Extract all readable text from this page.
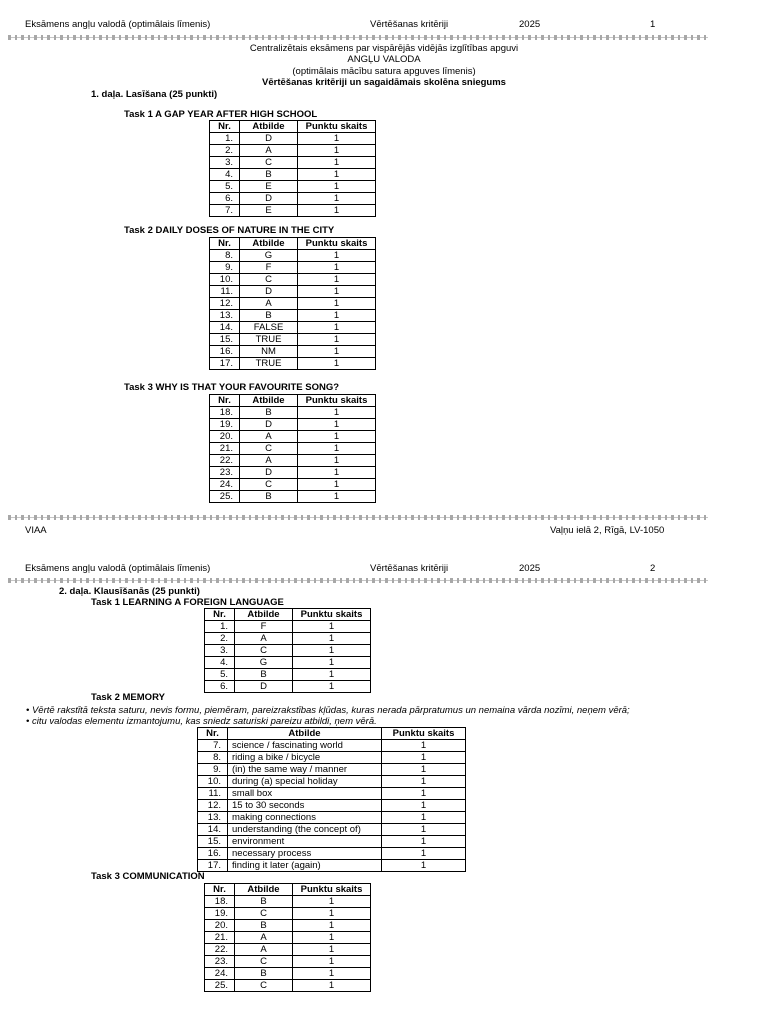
Eksāmens angļu valodā (optimālais līmenis)	Vērtēšanas kritēriji	2025	1
Centralizētais eksāmens par vispārējās vidējās izglītības apguvi
ANGĻU VALODA
(optimālais mācību satura apguves līmenis)
Vērtēšanas kritēriji un sagaidāmais skolēna sniegums
1. daļa. Lasīšana (25 punkti)
Task 1 A GAP YEAR AFTER HIGH SCHOOL
Nr.	Atbilde	Punktu skaits
1.	D	1
2.	A	1
3.	C	1
4.	B	1
5.	E	1
6.	D	1
7.	E	1
Task 2 DAILY DOSES OF NATURE IN THE CITY
Nr.	Atbilde	Punktu skaits
8.	G	1
9.	F	1
10.	C	1
11.	D	1
12.	A	1
13.	B	1
14.	FALSE	1
15.	TRUE	1
16.	NM	1
17.	TRUE	1
Task 3 WHY IS THAT YOUR FAVOURITE SONG?
Nr.	Atbilde	Punktu skaits
18.	B	1
19.	D	1
20.	A	1
21.	C	1
22.	A	1
23.	D	1
24.	C	1
25.	B	1
VIAA	Vaļņu ielā 2, Rīgā, LV-1050
Eksāmens angļu valodā (optimālais līmenis)	Vērtēšanas kritēriji	2025	2
2. daļa. Klausīšanās (25 punkti)
Task 1 LEARNING A FOREIGN LANGUAGE
Nr.	Atbilde	Punktu skaits
1.	F	1
2.	A	1
3.	C	1
4.	G	1
5.	B	1
6.	D	1
Task 2 MEMORY
• Vērtē rakstītā teksta saturu, nevis formu, piemēram, pareizrakstības kļūdas, kuras nerada pārpratumus un nemaina vārda nozīmi, neņem vērā;
• citu valodas elementu izmantojumu, kas sniedz saturiski pareizu atbildi, ņem vērā.
Nr.	Atbilde	Punktu skaits
7.	science / fascinating world	1
8.	riding a bike / bicycle	1
9.	(in) the same way / manner	1
10.	during (a) special holiday	1
11.	small box	1
12.	15 to 30 seconds	1
13.	making connections	1
14.	understanding (the concept of)	1
15.	environment	1
16.	necessary process	1
17.	finding it later (again)	1
Task 3 COMMUNICATION
Nr.	Atbilde	Punktu skaits
18.	B	1
19.	C	1
20.	B	1
21.	A	1
22.	A	1
23.	C	1
24.	B	1
25.	C	1
